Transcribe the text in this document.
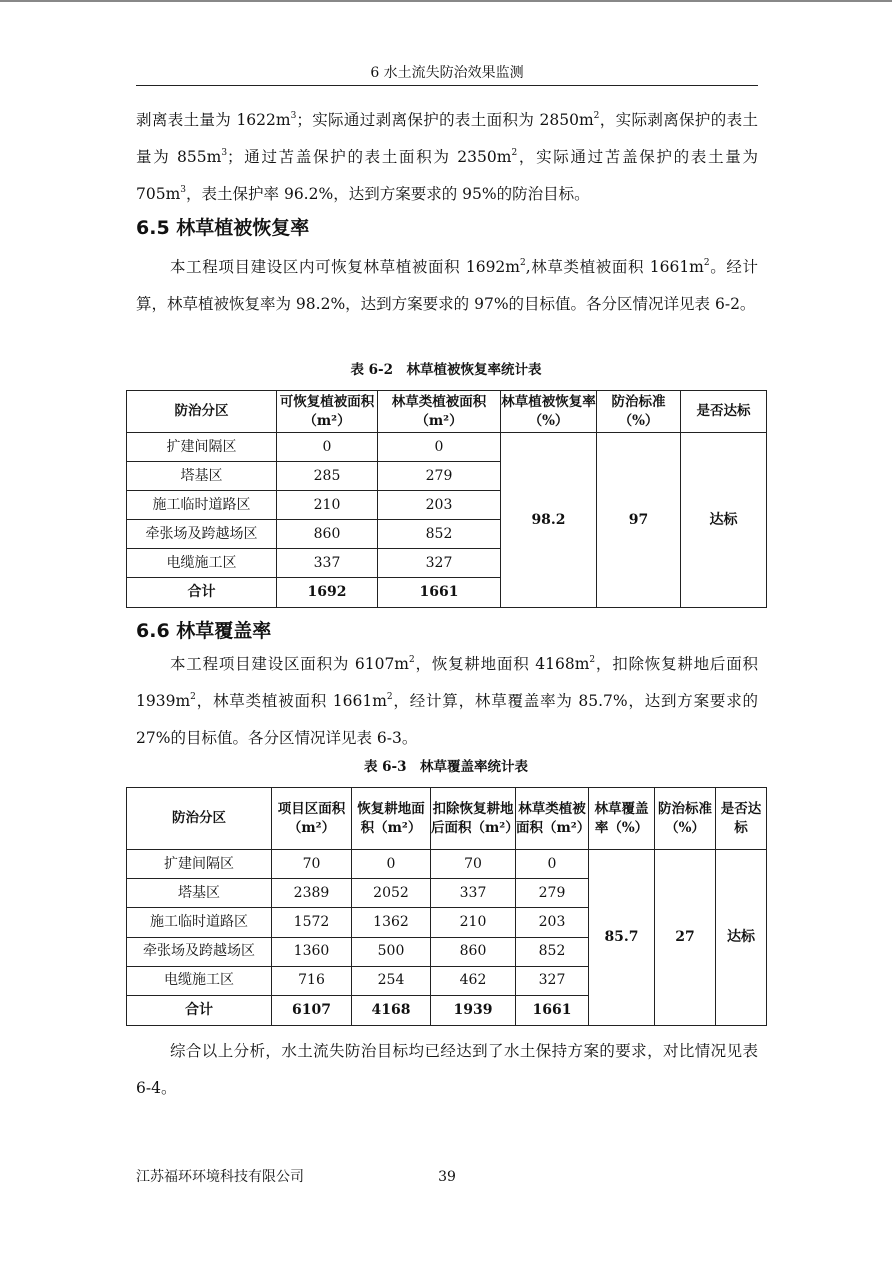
6 水土流失防治效果监测

剥离表土量为 $1622m^3$；实际通过剥离保护的表土面积为 $2850m^2$，实际剥离保护的表土量为 $855m^3$；通过苫盖保护的表土面积为 $2350m^2$，实际通过苫盖保护的表土量为 $705m^3$，表土保护率 96.2%，达到方案要求的 95%的防治目标。

6.5 林草植被恢复率

本工程项目建设区内可恢复林草植被面积 $1692m^2$,林草类植被面积 $1661m^2$。经计算，林草植被恢复率为 98.2%，达到方案要求的 97%的目标值。各分区情况详见表 6-2。

表 6-2　林草植被恢复率统计表
防治分区	可恢复植被面积（m²）	林草类植被面积（m²）	林草植被恢复率（%）	防治标准（%）	是否达标
扩建间隔区	0	0	98.2	97	达标
塔基区	285	279			
施工临时道路区	210	203			
牵张场及跨越场区	860	852			
电缆施工区	337	327			
合计	1692	1661			
6.6 林草覆盖率

本工程项目建设区面积为 $6107m^2$，恢复耕地面积 $4168m^2$，扣除恢复耕地后面积 $1939m^2$，林草类植被面积 $1661m^2$，经计算，林草覆盖率为 85.7%，达到方案要求的 27%的目标值。各分区情况详见表 6-3。

表 6-3　林草覆盖率统计表
防治分区	项目区面积（m²）	恢复耕地面积（m²）	扣除恢复耕地后面积（m²）	林草类植被面积（m²）	林草覆盖率（%）	防治标准（%）	是否达标
扩建间隔区	70	0	70	0	85.7	27	达标
塔基区	2389	2052	337	279			
施工临时道路区	1572	1362	210	203			
牵张场及跨越场区	1360	500	860	852			
电缆施工区	716	254	462	327			
合计	6107	4168	1939	1661			

综合以上分析，水土流失防治目标均已经达到了水土保持方案的要求，对比情况见表 6-4。

江苏福环环境科技有限公司	39
